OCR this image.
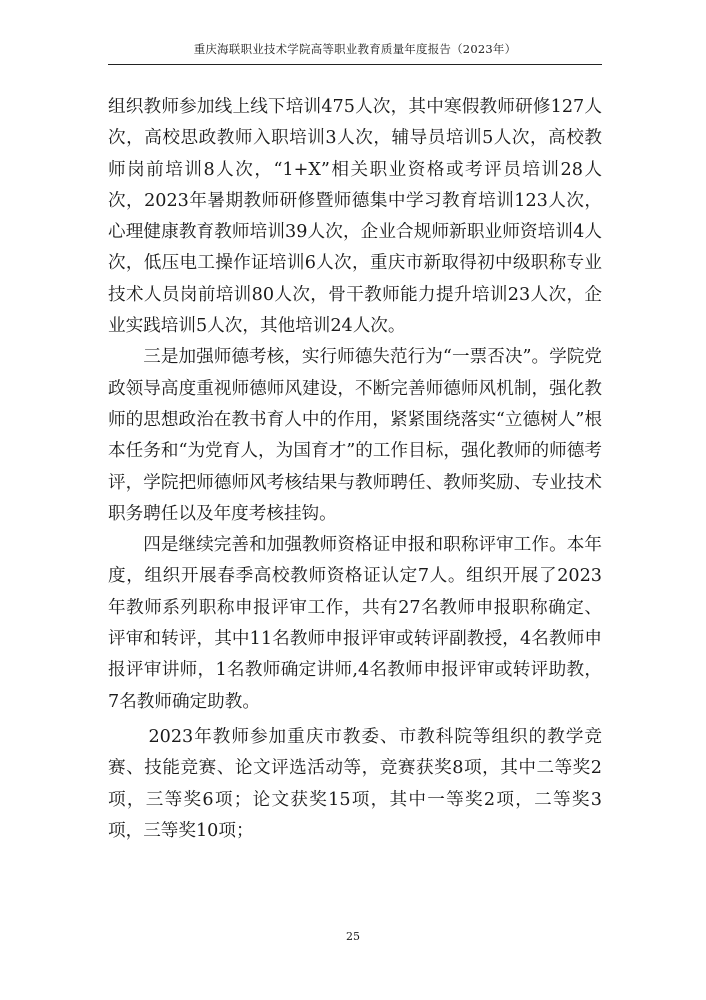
重庆海联职业技术学院高等职业教育质量年度报告（2023年）

组织教师参加线上线下培训475人次，其中寒假教师研修127人次，高校思政教师入职培训3人次，辅导员培训5人次，高校教师岗前培训8人次，“1+X”相关职业资格或考评员培训28人次，2023年暑期教师研修暨师德集中学习教育培训123人次，心理健康教育教师培训39人次，企业合规师新职业师资培训4人次，低压电工操作证培训6人次，重庆市新取得初中级职称专业技术人员岗前培训80人次，骨干教师能力提升培训23人次，企业实践培训5人次，其他培训24人次。

三是加强师德考核，实行师德失范行为“一票否决”。学院党政领导高度重视师德师风建设，不断完善师德师风机制，强化教师的思想政治在教书育人中的作用，紧紧围绕落实“立德树人”根本任务和“为党育人，为国育才”的工作目标，强化教师的师德考评，学院把师德师风考核结果与教师聘任、教师奖励、专业技术职务聘任以及年度考核挂钩。

四是继续完善和加强教师资格证申报和职称评审工作。本年度，组织开展春季高校教师资格证认定7人。组织开展了2023年教师系列职称申报评审工作，共有27名教师申报职称确定、评审和转评，其中11名教师申报评审或转评副教授，4名教师申报评审讲师，1名教师确定讲师,4名教师申报评审或转评助教，7名教师确定助教。

2023年教师参加重庆市教委、市教科院等组织的教学竞赛、技能竞赛、论文评选活动等，竞赛获奖8项，其中二等奖2项，三等奖6项；论文获奖15项，其中一等奖2项，二等奖3项，三等奖10项；

25
